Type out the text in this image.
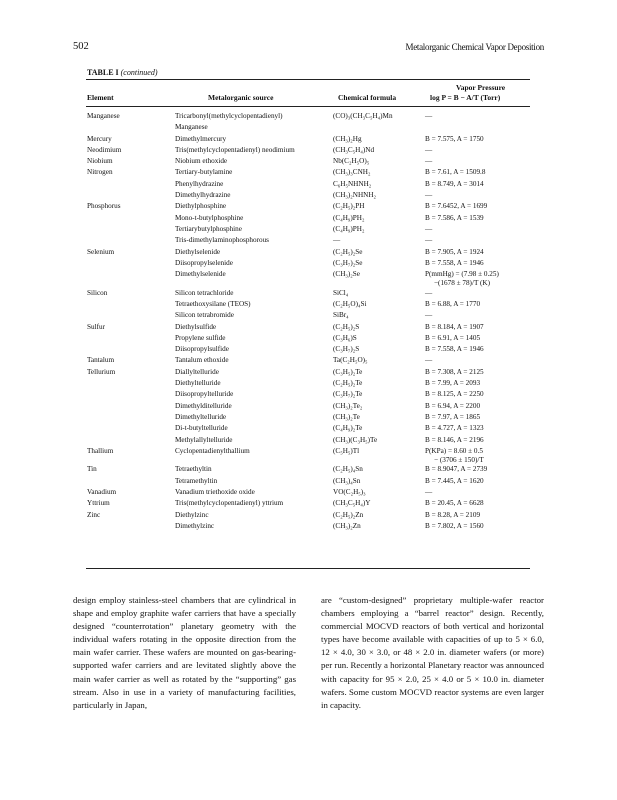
502	Metalorganic Chemical Vapor Deposition
TABLE I (continued)
Element	Metalorganic source	Chemical formula
Vapor Pressure
log P = B − A/T (Torr)
Manganese	Tricarbonyl(methylcyclopentadienyl)	(CO)₃(CH₃C₅H₄)Mn	—
Manganese
Mercury	Dimethylmercury	(CH₃)₂Hg	B = 7.575, A = 1750
Neodimium	Tris(methylcyclopentadienyl) neodimium	(CH₃C₅H₄)Nd	—
Niobium	Niobium ethoxide	Nb(C₂H₅O)₅	—
Nitrogen	Tertiary-butylamine	(CH₃)₃CNH₂	B = 7.61, A = 1509.8
Phenylhydrazine	C₆H₅NHNH₂	B = 8.749, A = 3014
Dimethylhydrazine	(CH₃)₂NHNH₂	—
Phosphorus	Diethylphosphine	(C₂H₅)₂PH	B = 7.6452, A = 1699
Mono-t-butylphosphine	(C₄H₉)PH₂	B = 7.586, A = 1539
Tertiarybutylphosphine	(C₄H₉)PH₂	—
Tris-dimethylaminophosphorous	—	—
Selenium	Diethylselenide	(C₂H₅)₂Se	B = 7.905, A = 1924
Diisopropylselenide	(C₃H₇)₂Se	B = 7.558, A = 1946
Dimethylselenide	(CH₃)₂Se	P(mmHg) = (7.98 ± 0.25)
−(1678 ± 78)/T (K)
Silicon	Silicon tetrachloride	SiCl₄	—
Tetraethoxysilane (TEOS)	(C₂H₅O)₄Si	B = 6.88, A = 1770
Silicon tetrabromide	SiBr₄	—
Sulfur	Diethylsulfide	(C₂H₅)₂S	B = 8.184, A = 1907
Propylene sulfide	(C₃H₆)S	B = 6.91, A = 1405
Diisopropylsulfide	(C₃H₇)₂S	B = 7.558, A = 1946
Tantalum	Tantalum ethoxide	Ta(C₂H₅O)₅	—
Tellurium	Diallyltelluride	(C₃H₅)₂Te	B = 7.308, A = 2125
Diethyltelluride	(C₂H₅)₂Te	B = 7.99, A = 2093
Diisopropyltelluride	(C₃H₇)₂Te	B = 8.125, A = 2250
Dimethylditelluride	(CH₃)₂Te₂	B = 6.94, A = 2200
Dimethyltelluride	(CH₃)₂Te	B = 7.97, A = 1865
Di-t-butyltelluride	(C₄H₉)₂Te	B = 4.727, A = 1323
Methylallyltelluride	(CH₃)(C₃H₅)Te	B = 8.146, A = 2196
Thallium	Cyclopentadienylthallium	(C₅H₅)Tl	P(KPa) = 8.60 ± 0.5
− (3706 ± 150)/T
Tin	Tetraethyltin	(C₂H₅)₄Sn	B = 8.9047, A = 2739
Tetramethyltin	(CH₃)₄Sn	B = 7.445, A = 1620
Vanadium	Vanadium triethoxide oxide	VO(C₂H₅)₃	—
Yttrium	Tris(methylcyclopentadienyl) yttrium	(CH₃C₅H₄)Y	B = 20.45, A = 6628
Zinc	Diethylzinc	(C₂H₅)₂Zn	B = 8.28, A = 2109
Dimethylzinc	(CH₃)₂Zn	B = 7.802, A = 1560
design employ stainless-steel chambers that are cylindrical in shape and employ graphite wafer carriers that have a specially designed “counterrotation” planetary geometry with the individual wafers rotating in the opposite direction from the main wafer carrier. These wafers are mounted on gas-bearing-supported wafer carriers and are levitated slightly above the main wafer carrier as well as rotated by the “supporting” gas stream. Also in use in a variety of manufacturing facilities, particularly in Japan,
are “custom-designed” proprietary multiple-wafer reactor chambers employing a “barrel reactor” design. Recently, commercial MOCVD reactors of both vertical and horizontal types have become available with capacities of up to 5 × 6.0, 12 × 4.0, 30 × 3.0, or 48 × 2.0 in. diameter wafers (or more) per run. Recently a horizontal Planetary reactor was announced with capacity for 95 × 2.0, 25 × 4.0 or 5 × 10.0 in. diameter wafers. Some custom MOCVD reactor systems are even larger in capacity.
